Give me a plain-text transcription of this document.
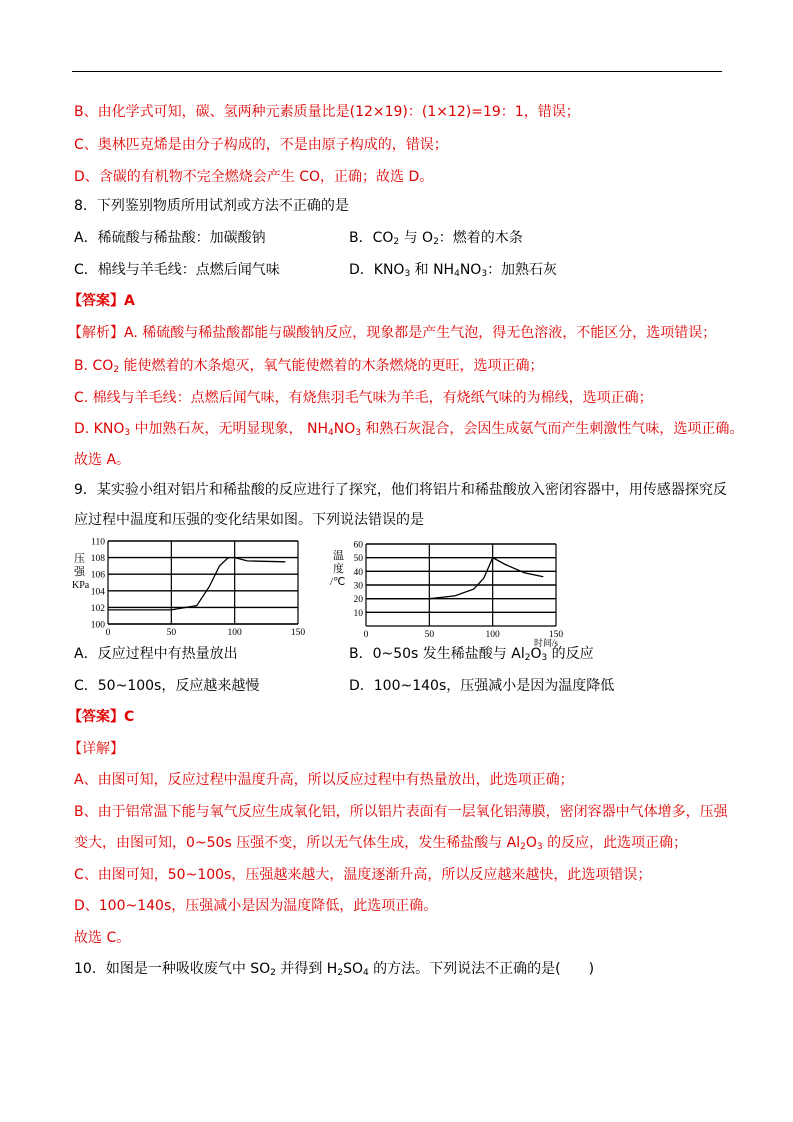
B、由化学式可知，碳、氢两种元素质量比是(12×19)：(1×12)=19：1，错误；
C、奥林匹克烯是由分子构成的，不是由原子构成的，错误；
D、含碳的有机物不完全燃烧会产生 CO，正确；故选 D。
8．下列鉴别物质所用试剂或方法不正确的是
A．稀硫酸与稀盐酸：加碳酸钠	B．$CO_2$ 与 $O_2$：燃着的木条
C．棉线与羊毛线：点燃后闻气味	D．$KNO_3$ 和 $NH_4NO_3$：加熟石灰
【答案】A
【解析】A. 稀硫酸与稀盐酸都能与碳酸钠反应，现象都是产生气泡，得无色溶液，不能区分，选项错误；
B. $CO_2$ 能使燃着的木条熄灭，氧气能使燃着的木条燃烧的更旺，选项正确；
C. 棉线与羊毛线：点燃后闻气味，有烧焦羽毛气味为羊毛，有烧纸气味的为棉线，选项正确；
D. $KNO_3$ 中加熟石灰，无明显现象， $NH_4NO_3$ 和熟石灰混合，会因生成氨气而产生刺激性气味，选项正确。
故选 A。
9．某实验小组对铝片和稀盐酸的反应进行了探究，他们将铝片和稀盐酸放入密闭容器中，用传感器探究反
应过程中温度和压强的变化结果如图。下列说法错误的是
压
强
KPa
100
102
104
106
108
110
0	50	100	150
温
度
/℃
10
20
30
40
50
60
0	50	100	150
时间/s
A．反应过程中有热量放出	B．0~50s 发生稀盐酸与 $Al_2O_3$ 的反应
C．50~100s，反应越来越慢	D．100~140s，压强减小是因为温度降低
【答案】C
【详解】
A、由图可知，反应过程中温度升高，所以反应过程中有热量放出，此选项正确；
B、由于铝常温下能与氧气反应生成氧化铝，所以铝片表面有一层氧化铝薄膜，密闭容器中气体增多，压强
变大，由图可知，0~50s 压强不变，所以无气体生成，发生稀盐酸与 $Al_2O_3$ 的反应，此选项正确；
C、由图可知，50~100s，压强越来越大，温度逐渐升高，所以反应越来越快，此选项错误；
D、100~140s，压强减小是因为温度降低，此选项正确。
故选 C。
10．如图是一种吸收废气中 $SO_2$ 并得到 $H_2SO_4$ 的方法。下列说法不正确的是(　　)
